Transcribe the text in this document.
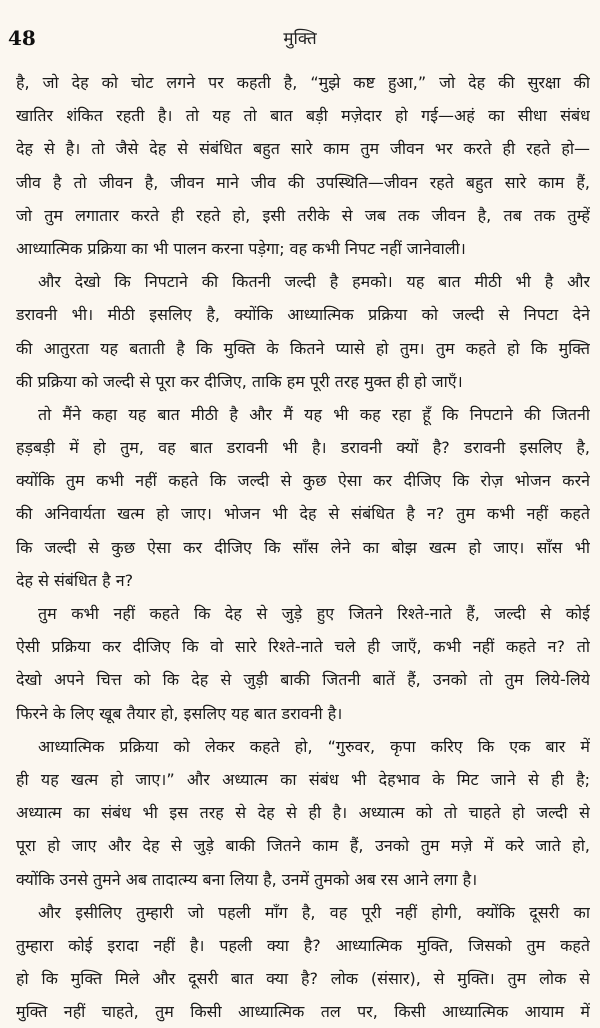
48	मुक्ति
है, जो देह को चोट लगने पर कहती है, “मुझे कष्ट हुआ,” जो देह की सुरक्षा की
खातिर शंकित रहती है। तो यह तो बात बड़ी मज़ेदार हो गई—अहं का सीधा संबंध
देह से है। तो जैसे देह से संबंधित बहुत सारे काम तुम जीवन भर करते ही रहते हो—
जीव है तो जीवन है, जीवन माने जीव की उपस्थिति—जीवन रहते बहुत सारे काम हैं,
जो तुम लगातार करते ही रहते हो, इसी तरीके से जब तक जीवन है, तब तक तुम्हें
आध्यात्मिक प्रक्रिया का भी पालन करना पड़ेगा; वह कभी निपट नहीं जानेवाली।
और देखो कि निपटाने की कितनी जल्दी है हमको। यह बात मीठी भी है और
डरावनी भी। मीठी इसलिए है, क्योंकि आध्यात्मिक प्रक्रिया को जल्दी से निपटा देने
की आतुरता यह बताती है कि मुक्ति के कितने प्यासे हो तुम। तुम कहते हो कि मुक्ति
की प्रक्रिया को जल्दी से पूरा कर दीजिए, ताकि हम पूरी तरह मुक्त ही हो जाएँ।
तो मैंने कहा यह बात मीठी है और मैं यह भी कह रहा हूँ कि निपटाने की जितनी
हड़बड़ी में हो तुम, वह बात डरावनी भी है। डरावनी क्यों है? डरावनी इसलिए है,
क्योंकि तुम कभी नहीं कहते कि जल्दी से कुछ ऐसा कर दीजिए कि रोज़ भोजन करने
की अनिवार्यता खत्म हो जाए। भोजन भी देह से संबंधित है न? तुम कभी नहीं कहते
कि जल्दी से कुछ ऐसा कर दीजिए कि साँस लेने का बोझ खत्म हो जाए। साँस भी
देह से संबंधित है न?
तुम कभी नहीं कहते कि देह से जुड़े हुए जितने रिश्ते-नाते हैं, जल्दी से कोई
ऐसी प्रक्रिया कर दीजिए कि वो सारे रिश्ते-नाते चले ही जाएँ, कभी नहीं कहते न? तो
देखो अपने चित्त को कि देह से जुड़ी बाकी जितनी बातें हैं, उनको तो तुम लिये-लिये
फिरने के लिए खूब तैयार हो, इसलिए यह बात डरावनी है।
आध्यात्मिक प्रक्रिया को लेकर कहते हो, “गुरुवर, कृपा करिए कि एक बार में
ही यह खत्म हो जाए।” और अध्यात्म का संबंध भी देहभाव के मिट जाने से ही है;
अध्यात्म का संबंध भी इस तरह से देह से ही है। अध्यात्म को तो चाहते हो जल्दी से
पूरा हो जाए और देह से जुड़े बाकी जितने काम हैं, उनको तुम मज़े में करे जाते हो,
क्योंकि उनसे तुमने अब तादात्म्य बना लिया है, उनमें तुमको अब रस आने लगा है।
और इसीलिए तुम्हारी जो पहली माँग है, वह पूरी नहीं होगी, क्योंकि दूसरी का
तुम्हारा कोई इरादा नहीं है। पहली क्या है? आध्यात्मिक मुक्ति, जिसको तुम कहते
हो कि मुक्ति मिले और दूसरी बात क्या है? लोक (संसार), से मुक्ति। तुम लोक से
मुक्ति नहीं चाहते, तुम किसी आध्यात्मिक तल पर, किसी आध्यात्मिक आयाम में
